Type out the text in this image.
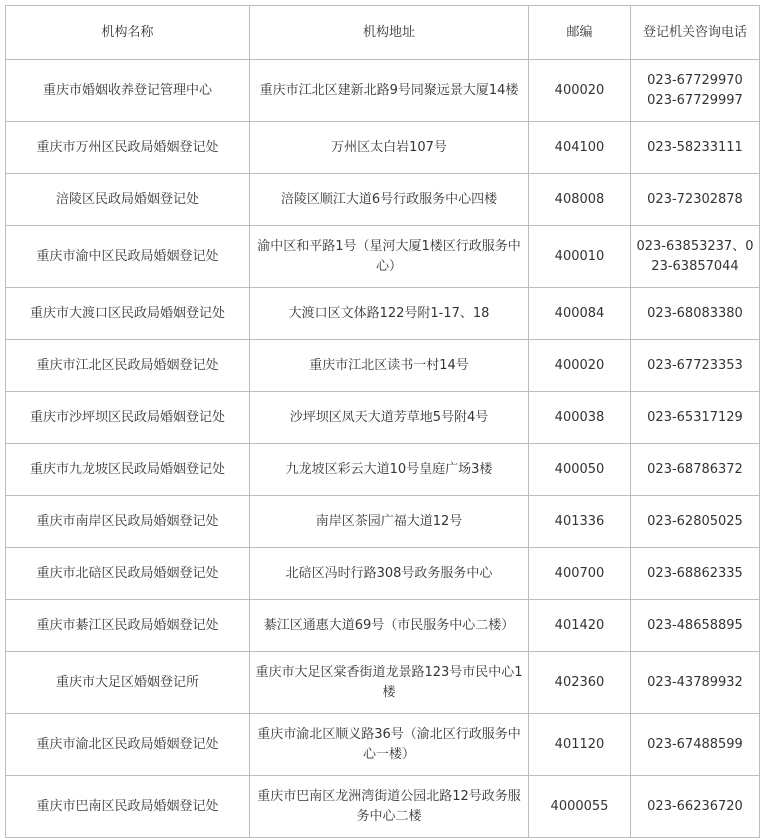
机构名称	机构地址	邮编	登记机关咨询电话
重庆市婚姻收养登记管理中心	重庆市江北区建新北路9号同聚远景大厦14楼	400020	023-67729970
023-67729997

重庆市万州区民政局婚姻登记处	万州区太白岩107号	404100	023-58233111

涪陵区民政局婚姻登记处	涪陵区顺江大道6号行政服务中心四楼	408008	023-72302878

重庆市渝中区民政局婚姻登记处	渝中区和平路1号（星河大厦1楼区行政服务中心）	400010	023-63853237、023-63857044

重庆市大渡口区民政局婚姻登记处	大渡口区文体路122号附1-17、18	400084	023-68083380

重庆市江北区民政局婚姻登记处	重庆市江北区读书一村14号	400020	023-67723353

重庆市沙坪坝区民政局婚姻登记处	沙坪坝区凤天大道芳草地5号附4号	400038	023-65317129

重庆市九龙坡区民政局婚姻登记处	九龙坡区彩云大道10号皇庭广场3楼	400050	023-68786372

重庆市南岸区民政局婚姻登记处	南岸区茶园广福大道12号	401336	023-62805025

重庆市北碚区民政局婚姻登记处	北碚区冯时行路308号政务服务中心	400700	023-68862335

重庆市綦江区民政局婚姻登记处	綦江区通惠大道69号（市民服务中心二楼）	401420	023-48658895

重庆市大足区婚姻登记所	重庆市大足区棠香街道龙景路123号市民中心1楼	402360	023-43789932

重庆市渝北区民政局婚姻登记处	重庆市渝北区顺义路36号（渝北区行政服务中心一楼）	401120	023-67488599

重庆市巴南区民政局婚姻登记处	重庆市巴南区龙洲湾街道公园北路12号政务服务中心二楼	4000055	023-66236720
